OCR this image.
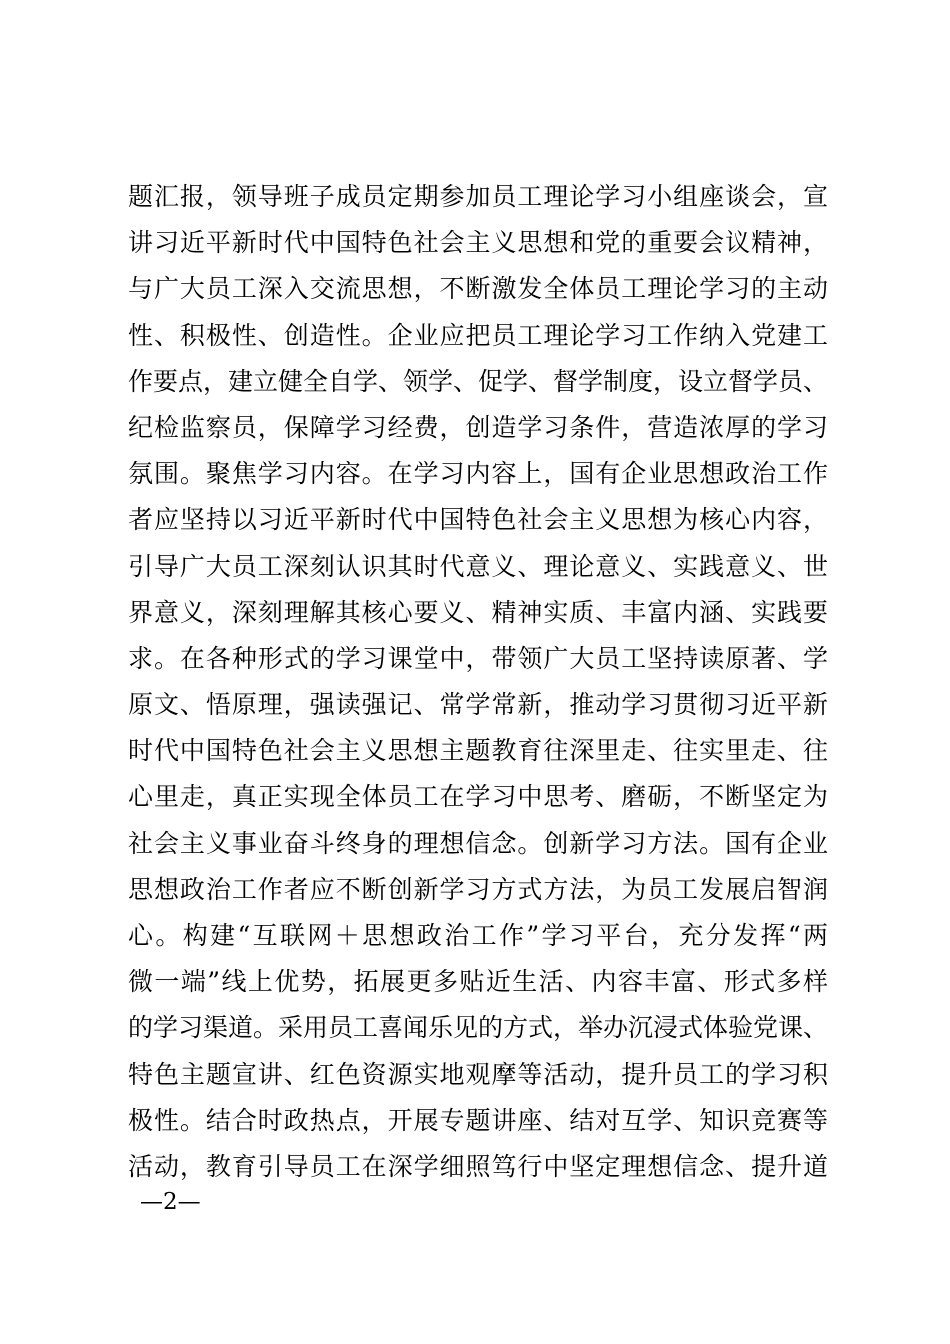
题汇报，领导班子成员定期参加员工理论学习小组座谈会，宣
讲习近平新时代中国特色社会主义思想和党的重要会议精神，
与广大员工深入交流思想，不断激发全体员工理论学习的主动
性、积极性、创造性。企业应把员工理论学习工作纳入党建工
作要点，建立健全自学、领学、促学、督学制度，设立督学员、
纪检监察员，保障学习经费，创造学习条件，营造浓厚的学习
氛围。聚焦学习内容。在学习内容上，国有企业思想政治工作
者应坚持以习近平新时代中国特色社会主义思想为核心内容，
引导广大员工深刻认识其时代意义、理论意义、实践意义、世
界意义，深刻理解其核心要义、精神实质、丰富内涵、实践要
求。在各种形式的学习课堂中，带领广大员工坚持读原著、学
原文、悟原理，强读强记、常学常新，推动学习贯彻习近平新
时代中国特色社会主义思想主题教育往深里走、往实里走、往
心里走，真正实现全体员工在学习中思考、磨砺，不断坚定为
社会主义事业奋斗终身的理想信念。创新学习方法。国有企业
思想政治工作者应不断创新学习方式方法，为员工发展启智润
心。构建“互联网＋思想政治工作”学习平台，充分发挥“两
微一端”线上优势，拓展更多贴近生活、内容丰富、形式多样
的学习渠道。采用员工喜闻乐见的方式，举办沉浸式体验党课、
特色主题宣讲、红色资源实地观摩等活动，提升员工的学习积
极性。结合时政热点，开展专题讲座、结对互学、知识竞赛等
活动，教育引导员工在深学细照笃行中坚定理想信念、提升道
—2—
